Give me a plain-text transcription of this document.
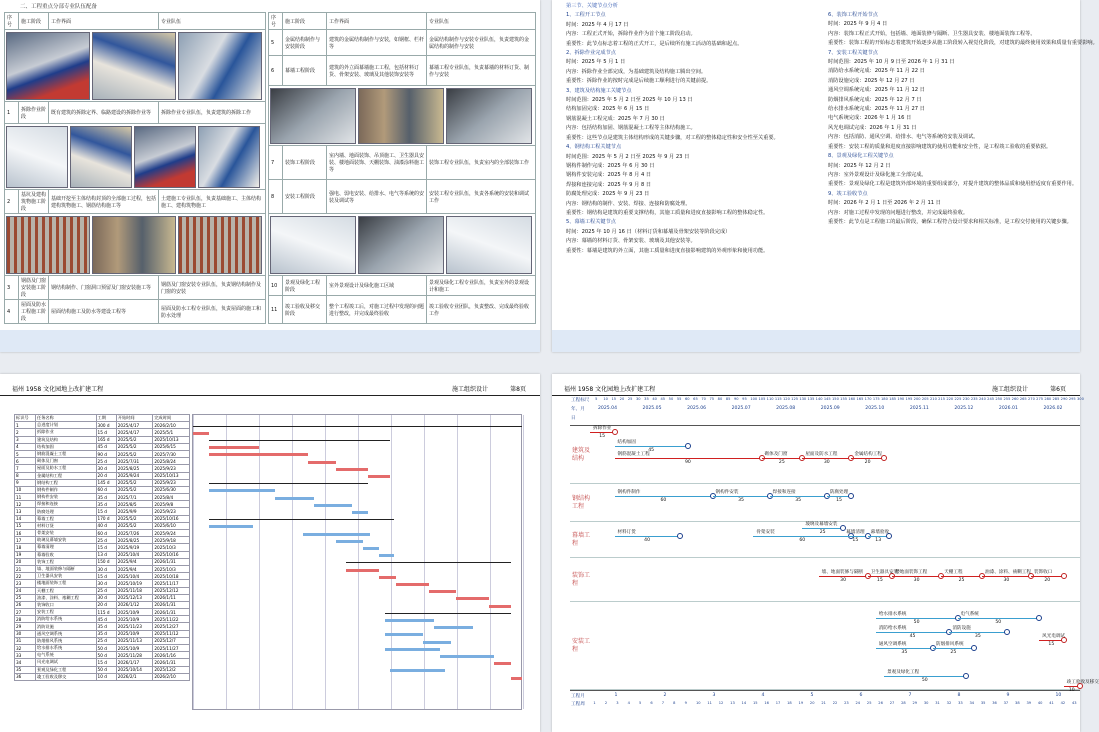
二、工程重点分部专业队伍配备
序号	施工阶段	工作界面	专业队伍

1	拆除作业阶段	既有建筑的拆除定界、临路建设的拆除作业等	拆除作业专业队伍，负责建筑的拆除工作

2	基坑及建构筑物施工阶段	基础开挖至主体结构封顶的全部施工过程，包括建构筑物施工、钢筋结构施工等	土建施工专业队伍，负责基础施工、主体结构施工、建构筑物施工

3	钢筋及门窗安装施工阶段	钢结构制作、门窗洞口预留及门窗安装施工等	钢筋及门窗安装专业队伍，负责钢结构制作及门窗的安装
4	屋面及防水工程施工阶段	屋面结构施工及防水等建设工程等	屋面及防水工程专业队伍，负责屋面的施工和防水处理
序号	施工阶段	工作界面	专业队伍
5	金属结构制作与安装阶段	建筑的金属结构制作与安装，如钢框、栏杆等	金属结构制作与安装专业队伍，负责建筑的金属结构的制作与安装
6	幕墙工程阶段	建筑的外立面幕墙施工工程，包括材料订货、骨架安装、玻璃及其他装饰安装等	幕墙工程专业队伍，负责幕墙的材料订货、制作与安装

7	装饰工程阶段	室内墙、地面装饰、吊顶施工、卫生器具安装、楼地面装饰、天棚装饰、油漆涂料施工等	装饰工程专业队伍，负责室内的全部装饰工作
8	安装工程阶段	强电、弱电安装、给排水、电气等系统的安装及调试等	安装工程专业队伍，负责各系统的安装和调试工作

10	景观及绿化工程阶段	室外景观设计及绿化施工区域	景观及绿化工程专业队伍，负责室外的景观设计和施工
11	竣工验收及移交阶段	整个工程竣工后，对施工过程中发现的问题进行整改，并完成最终验收	竣工验收专业团队，负责整改、完成最终验收工作
第三节、关键节点分析
1、工程开工节点
时间：2025 年 4 月 17 日
内容：工程正式开始，拆除作业作为首个施工阶段启动。
重要性：此节点标志着工程的正式开工，是后续所有施工活动的基础和起点。
2、拆除作业完成节点
时间：2025 年 5 月 1 日
内容：拆除作业全部完成，为基础建筑及结构施工腾出空间。
重要性：拆除作业的按时完成是后续施工顺利进行的关键前提。
3、建筑及结构施工关键节点
时间范围：2025 年 5 月 2 日至 2025 年 10 月 13 日
结构加固完成：2025 年 6 月 15 日
钢筋混凝土工程完成：2025 年 7 月 30 日
内容：包括结构加固、钢筋混凝土工程等主体结构施工。
重要性：这些节点是建筑主体结构形成的关键步骤，对工程的整体稳定性和安全性至关重要。
4、钢结构工程关键节点
时间范围：2025 年 5 月 2 日至 2025 年 9 月 23 日
钢构件制作完成：2025 年 6 月 30 日
钢构件安装完成：2025 年 8 月 4 日
焊接和连接完成：2025 年 9 月 8 日
防腐处理完成：2025 年 9 月 23 日
内容：钢结构的制作、安装、焊接、连接和防腐处理。
重要性：钢结构是建筑的重要支撑结构，其施工质量和进度直接影响工程的整体稳定性。
5、幕墙工程关键节点
时间：2025 年 10 月 16 日（材料订货和幕墙及骨架安装等阶段完成）
内容：幕墙的材料订货、骨架安装、玻璃及其他安装等。
重要性：幕墙是建筑的外立面，其施工质量和进度直接影响建筑的外观形象和使用功能。
6、装饰工程开始节点
时间：2025 年 9 月 4 日
内容：装饰工程正式开始，包括墙、地面装修与隔断、卫生器具安装、楼地面装饰工程等。
重要性：装饰工程的开始标志着建筑开始逐步从施工阶段转入视觉化阶段，对建筑的最终使用效果和质量有重要影响。
7、安装工程关键节点
时间范围：2025 年 10 月 9 日至 2026 年 1 月 31 日
消防给水系统完成：2025 年 11 月 22 日
消防设施完成：2025 年 12 月 27 日
通风空调系统完成：2025 年 11 月 12 日
防烟排风系统完成：2025 年 12 月 7 日
给水排水系统完成：2025 年 11 月 27 日
电气系统完成：2026 年 1 月 16 日
风光电调试完成：2026 年 1 月 31 日
内容：包括消防、通风空调、给排水、电气等系统的安装及调试。
重要性：安装工程的质量和进度直接影响建筑的使用功能和安全性，是工程竣工验收的重要依据。
8、景观及绿化工程关键节点
时间：2025 年 12 月 2 日
内容：室外景观设计及绿化施工全部完成。
重要性：景观及绿化工程是建筑外部环境的重要组成部分，对提升建筑的整体品质和使用舒适度有重要作用。
9、竣工验收节点
时间：2026 年 2 月 1 日至 2026 年 2 月 11 日
内容：对施工过程中发现的问题进行整改，并完成最终验收。
重要性：此节点是工程施工的最后阶段，确保工程符合设计要求和相关标准，是工程交付使用的关键步骤。
福州 1958 文化园地上改扩建工程	施工组织设计	第8页
标识号	任务名称	工期	开始时间	完成时间
1	总进度计划	300 d	2025/4/17	2026/2/10
2	拆除作业	15 d	2025/4/17	2025/5/1
3	建筑及结构	165 d	2025/5/2	2025/10/13
4	结构加固	45 d	2025/5/2	2025/6/15
5	钢筋混凝土工程	90 d	2025/5/2	2025/7/30
6	砌体及门窗	25 d	2025/7/31	2025/8/24
7	屋面及防水工程	30 d	2025/8/25	2025/9/23
8	金属结构工程	20 d	2025/9/24	2025/10/13
9	钢结构工程	145 d	2025/5/2	2025/9/23
10	钢构件制作	60 d	2025/5/2	2025/6/30
11	钢构件安装	35 d	2025/7/1	2025/8/4
12	焊接和连接	35 d	2025/8/5	2025/9/8
13	防腐处理	15 d	2025/9/9	2025/9/23
14	幕墙工程	170 d	2025/5/2	2025/10/16
15	材料订货	40 d	2025/5/2	2025/6/10
16	骨架安装	60 d	2025/7/26	2025/9/24
17	玻璃及幕墙安装	25 d	2025/8/25	2025/9/18
18	幕墙清理	15 d	2025/9/19	2025/10/3
19	幕墙验收	13 d	2025/10/4	2025/10/16
20	装饰工程	150 d	2025/9/4	2026/1/31
21	墙、地面装修与隔断	30 d	2025/9/4	2025/10/3
22	卫生器具安装	15 d	2025/10/4	2025/10/18
23	楼地面装饰工程	30 d	2025/10/19	2025/11/17
24	天棚工程	25 d	2025/11/18	2025/12/12
25	油漆、涂料、裱糊工程	30 d	2025/12/13	2026/1/11
26	装饰收口	20 d	2026/1/12	2026/1/31
27	安装工程	115 d	2025/10/9	2026/1/31
28	消防给水系统	45 d	2025/10/9	2025/11/22
29	消防设施	35 d	2025/11/23	2025/12/27
30	通风空调系统	35 d	2025/10/9	2025/11/12
31	防烟排风系统	25 d	2025/11/13	2025/12/7
32	给水排水系统	50 d	2025/10/9	2025/11/27
33	电气系统	50 d	2025/11/28	2026/1/16
34	风光电调试	15 d	2026/1/17	2026/1/31
35	景观及绿化工程	50 d	2025/10/14	2025/12/2
36	竣工验收及移交	10 d	2026/2/1	2026/2/10
福州 1958 文化园地上改扩建工程	施工组织设计	第6页
工程标尺
年、月
日
2025.04	2025.05	2025.06	2025.07	2025.08	2025.09	2025.10	2025.11	2025.12	2026.01	2026.02
5 10 15 20 25 30 35 40 45 50 55 60 65 70 75 80 85 90 95 100 105 110 115 120 125 130 135 140 145 150 155 160 165 170 175 180 185 190 195 200 205 210 215 220 225 230 235 240 245 250 255 260 265 270 275 280 285 290 295 300
工程月
工程周
1	2	3	4	5	6	7	8	9	10
1	2	3	4	5	6	7	8	9	10 11 12 13 14 15 16 17 18 19 20 21 22 23 24 25 26 27 28 29 30 31 32 33 34 35 36 37 38 39 40 41 42 43
建筑及结构
钢结构工程
幕墙工程
装饰工程
安装工程
拆除作业
15
结构加固
45
钢筋混凝土工程
90
砌体及门窗
25
屋面及防水工程
30
金属结构工程
20
钢构件制作
60
钢构件安装
35
焊接和连接
35
防腐处理
15
材料订货
40
骨架安装
60
玻璃及幕墙安装
25	幕墙清理
15
幕墙验收
13
墙、地面装修与隔断
30
卫生器具安装
15
楼地面装饰工程
30
天棚工程
25
油漆、涂料、裱糊工程
30
装饰收口
20
给水排水系统
50
电气系统
50
消防给水系统
45
消防设施
35
通风空调系统
35
防烟排风系统
25
风光电调试
15
景观及绿化工程
50	竣工验收及移交
10
